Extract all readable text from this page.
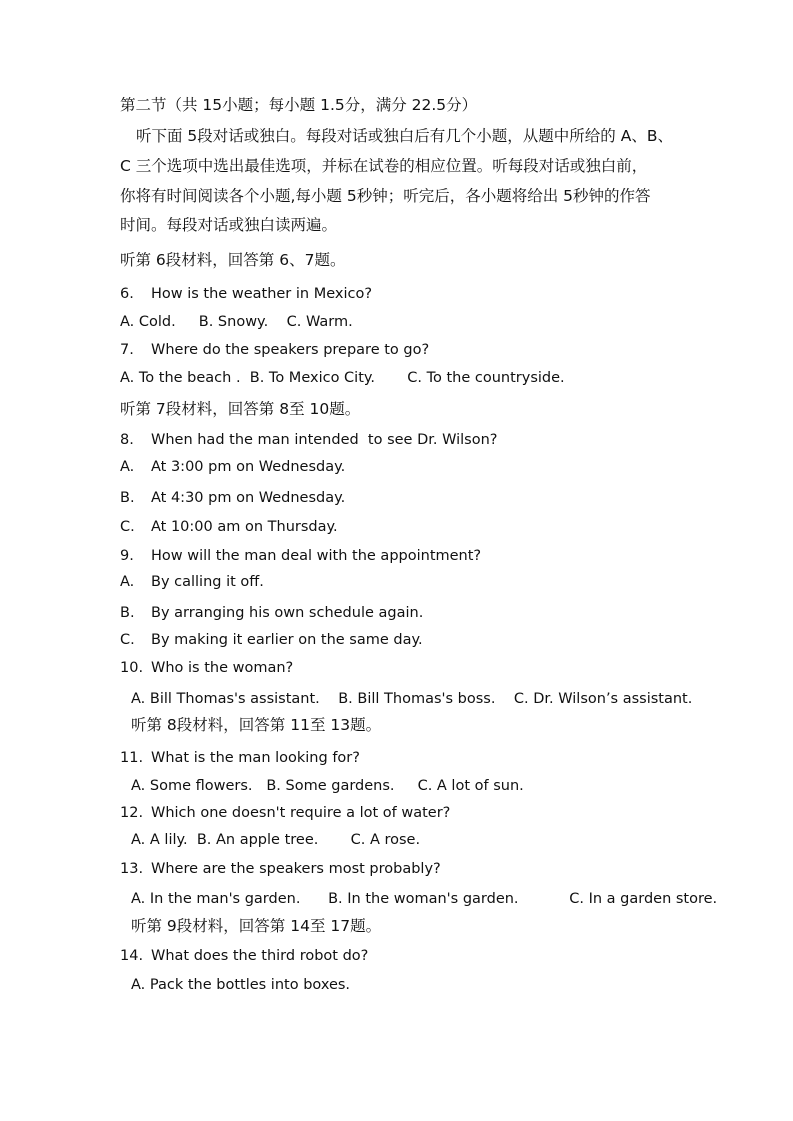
第二节（共 15小题；每小题 1.5分，满分 22.5分）
听下面 5段对话或独白。每段对话或独白后有几个小题，从题中所给的 A、B、
C 三个选项中选出最佳选项，并标在试卷的相应位置。听每段对话或独白前，
你将有时间阅读各个小题,每小题 5秒钟；听完后，各小题将给出 5秒钟的作答
时间。每段对话或独白读两遍。
听第 6段材料，回答第 6、7题。
6. How is the weather in Mexico?
A. Cold.     B. Snowy.    C. Warm.
7. Where do the speakers prepare to go?
A. To the beach .  B. To Mexico City.       C. To the countryside.
听第 7段材料，回答第 8至 10题。
8. When had the man intended  to see Dr. Wilson?
A. At 3:00 pm on Wednesday.
B. At 4:30 pm on Wednesday.
C. At 10:00 am on Thursday.
9. How will the man deal with the appointment?
A. By calling it off.
B. By arranging his own schedule again.
C. By making it earlier on the same day.
10. Who is the woman?
A. Bill Thomas's assistant.    B. Bill Thomas's boss.    C. Dr. Wilson’s assistant.
听第 8段材料，回答第 11至 13题。
11. What is the man looking for?
A. Some flowers.   B. Some gardens.     C. A lot of sun.
12. Which one doesn't require a lot of water?
A. A lily.  B. An apple tree.       C. A rose.
13. Where are the speakers most probably?
A. In the man's garden.      B. In the woman's garden.           C. In a garden store.
听第 9段材料，回答第 14至 17题。
14. What does the third robot do?
A. Pack the bottles into boxes.
